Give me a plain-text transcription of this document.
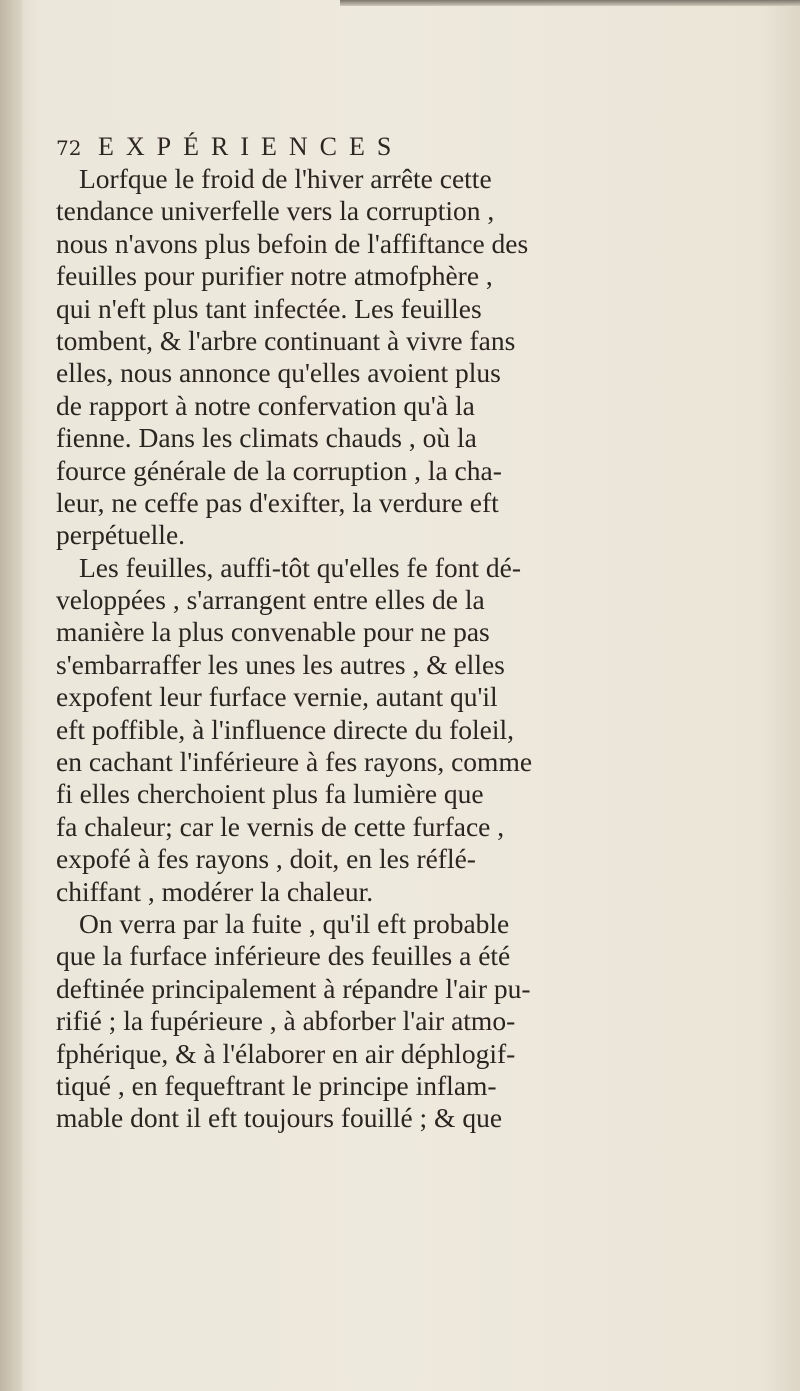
72 EXPÉRIENCES
Lorfque le froid de l'hiver arrête cette
tendance univerfelle vers la corruption ,
nous n'avons plus befoin de l'affiftance des
feuilles pour purifier notre atmofphère ,
qui n'eft plus tant infectée. Les feuilles
tombent, & l'arbre continuant à vivre fans
elles, nous annonce qu'elles avoient plus
de rapport à notre confervation qu'à la
fienne. Dans les climats chauds , où la
fource générale de la corruption , la cha-
leur, ne ceffe pas d'exifter, la verdure eft
perpétuelle.
Les feuilles, auffi-tôt qu'elles fe font dé-
veloppées , s'arrangent entre elles de la
manière la plus convenable pour ne pas
s'embarraffer les unes les autres , & elles
expofent leur furface vernie, autant qu'il
eft poffible, à l'influence directe du foleil,
en cachant l'inférieure à fes rayons, comme
fi elles cherchoient plus fa lumière que
fa chaleur; car le vernis de cette furface ,
expofé à fes rayons , doit, en les réflé-
chiffant , modérer la chaleur.
On verra par la fuite , qu'il eft probable
que la furface inférieure des feuilles a été
deftinée principalement à répandre l'air pu-
rifié ; la fupérieure , à abforber l'air atmo-
fphérique, & à l'élaborer en air déphlogif-
tiqué , en fequeftrant le principe inflam-
mable dont il eft toujours fouillé ; & que
